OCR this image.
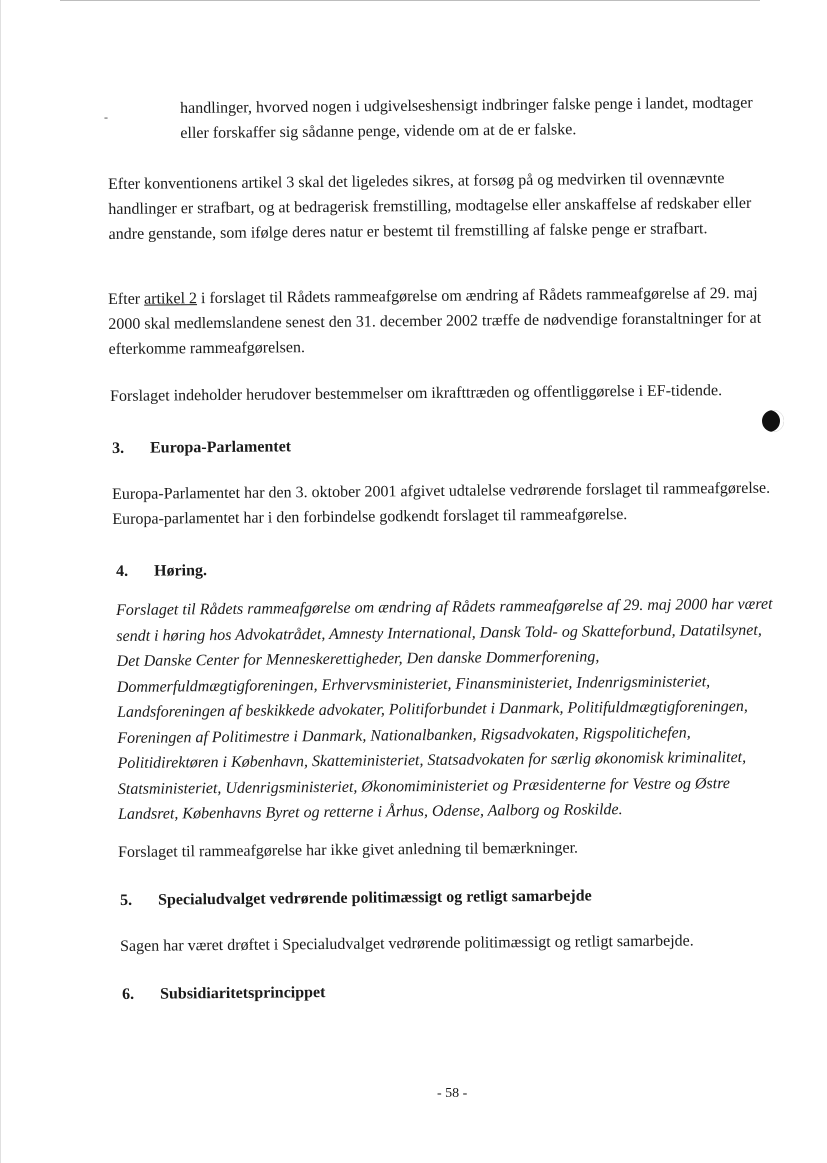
-

handlinger, hvorved nogen i udgivelseshensigt indbringer falske penge i landet, modtager eller forskaffer sig sådanne penge, vidende om at de er falske.

Efter konventionens artikel 3 skal det ligeledes sikres, at forsøg på og medvirken til ovennævnte handlinger er strafbart, og at bedragerisk fremstilling, modtagelse eller anskaffelse af redskaber eller andre genstande, som ifølge deres natur er bestemt til fremstilling af falske penge er strafbart.

Efter artikel 2 i forslaget til Rådets rammeafgørelse om ændring af Rådets rammeafgørelse af 29. maj 2000 skal medlemslandene senest den 31. december 2002 træffe de nødvendige foranstaltninger for at efterkomme rammeafgørelsen.

Forslaget indeholder herudover bestemmelser om ikrafttræden og offentliggørelse i EF-tidende.

3. Europa-Parlamentet

Europa-Parlamentet har den 3. oktober 2001 afgivet udtalelse vedrørende forslaget til rammeafgørelse. Europa-parlamentet har i den forbindelse godkendt forslaget til rammeafgørelse.

4. Høring.

Forslaget til Rådets rammeafgørelse om ændring af Rådets rammeafgørelse af 29. maj 2000 har været sendt i høring hos Advokatrådet, Amnesty International, Dansk Told- og Skatteforbund, Datatilsynet, Det Danske Center for Menneskerettigheder, Den danske Dommerforening, Dommerfuldmægtigforeningen, Erhvervsministeriet, Finansministeriet, Indenrigsministeriet, Landsforeningen af beskikkede advokater, Politiforbundet i Danmark, Politifuldmægtigforeningen, Foreningen af Politimestre i Danmark, Nationalbanken, Rigsadvokaten, Rigspolitichefen, Politidirektøren i København, Skatteministeriet, Statsadvokaten for særlig økonomisk kriminalitet, Statsministeriet, Udenrigsministeriet, Økonomiministeriet og Præsidenterne for Vestre og Østre Landsret, Københavns Byret og retterne i Århus, Odense, Aalborg og Roskilde.

Forslaget til rammeafgørelse har ikke givet anledning til bemærkninger.

5. Specialudvalget vedrørende politimæssigt og retligt samarbejde

Sagen har været drøftet i Specialudvalget vedrørende politimæssigt og retligt samarbejde.

6. Subsidiaritetsprincippet
- 58 -
